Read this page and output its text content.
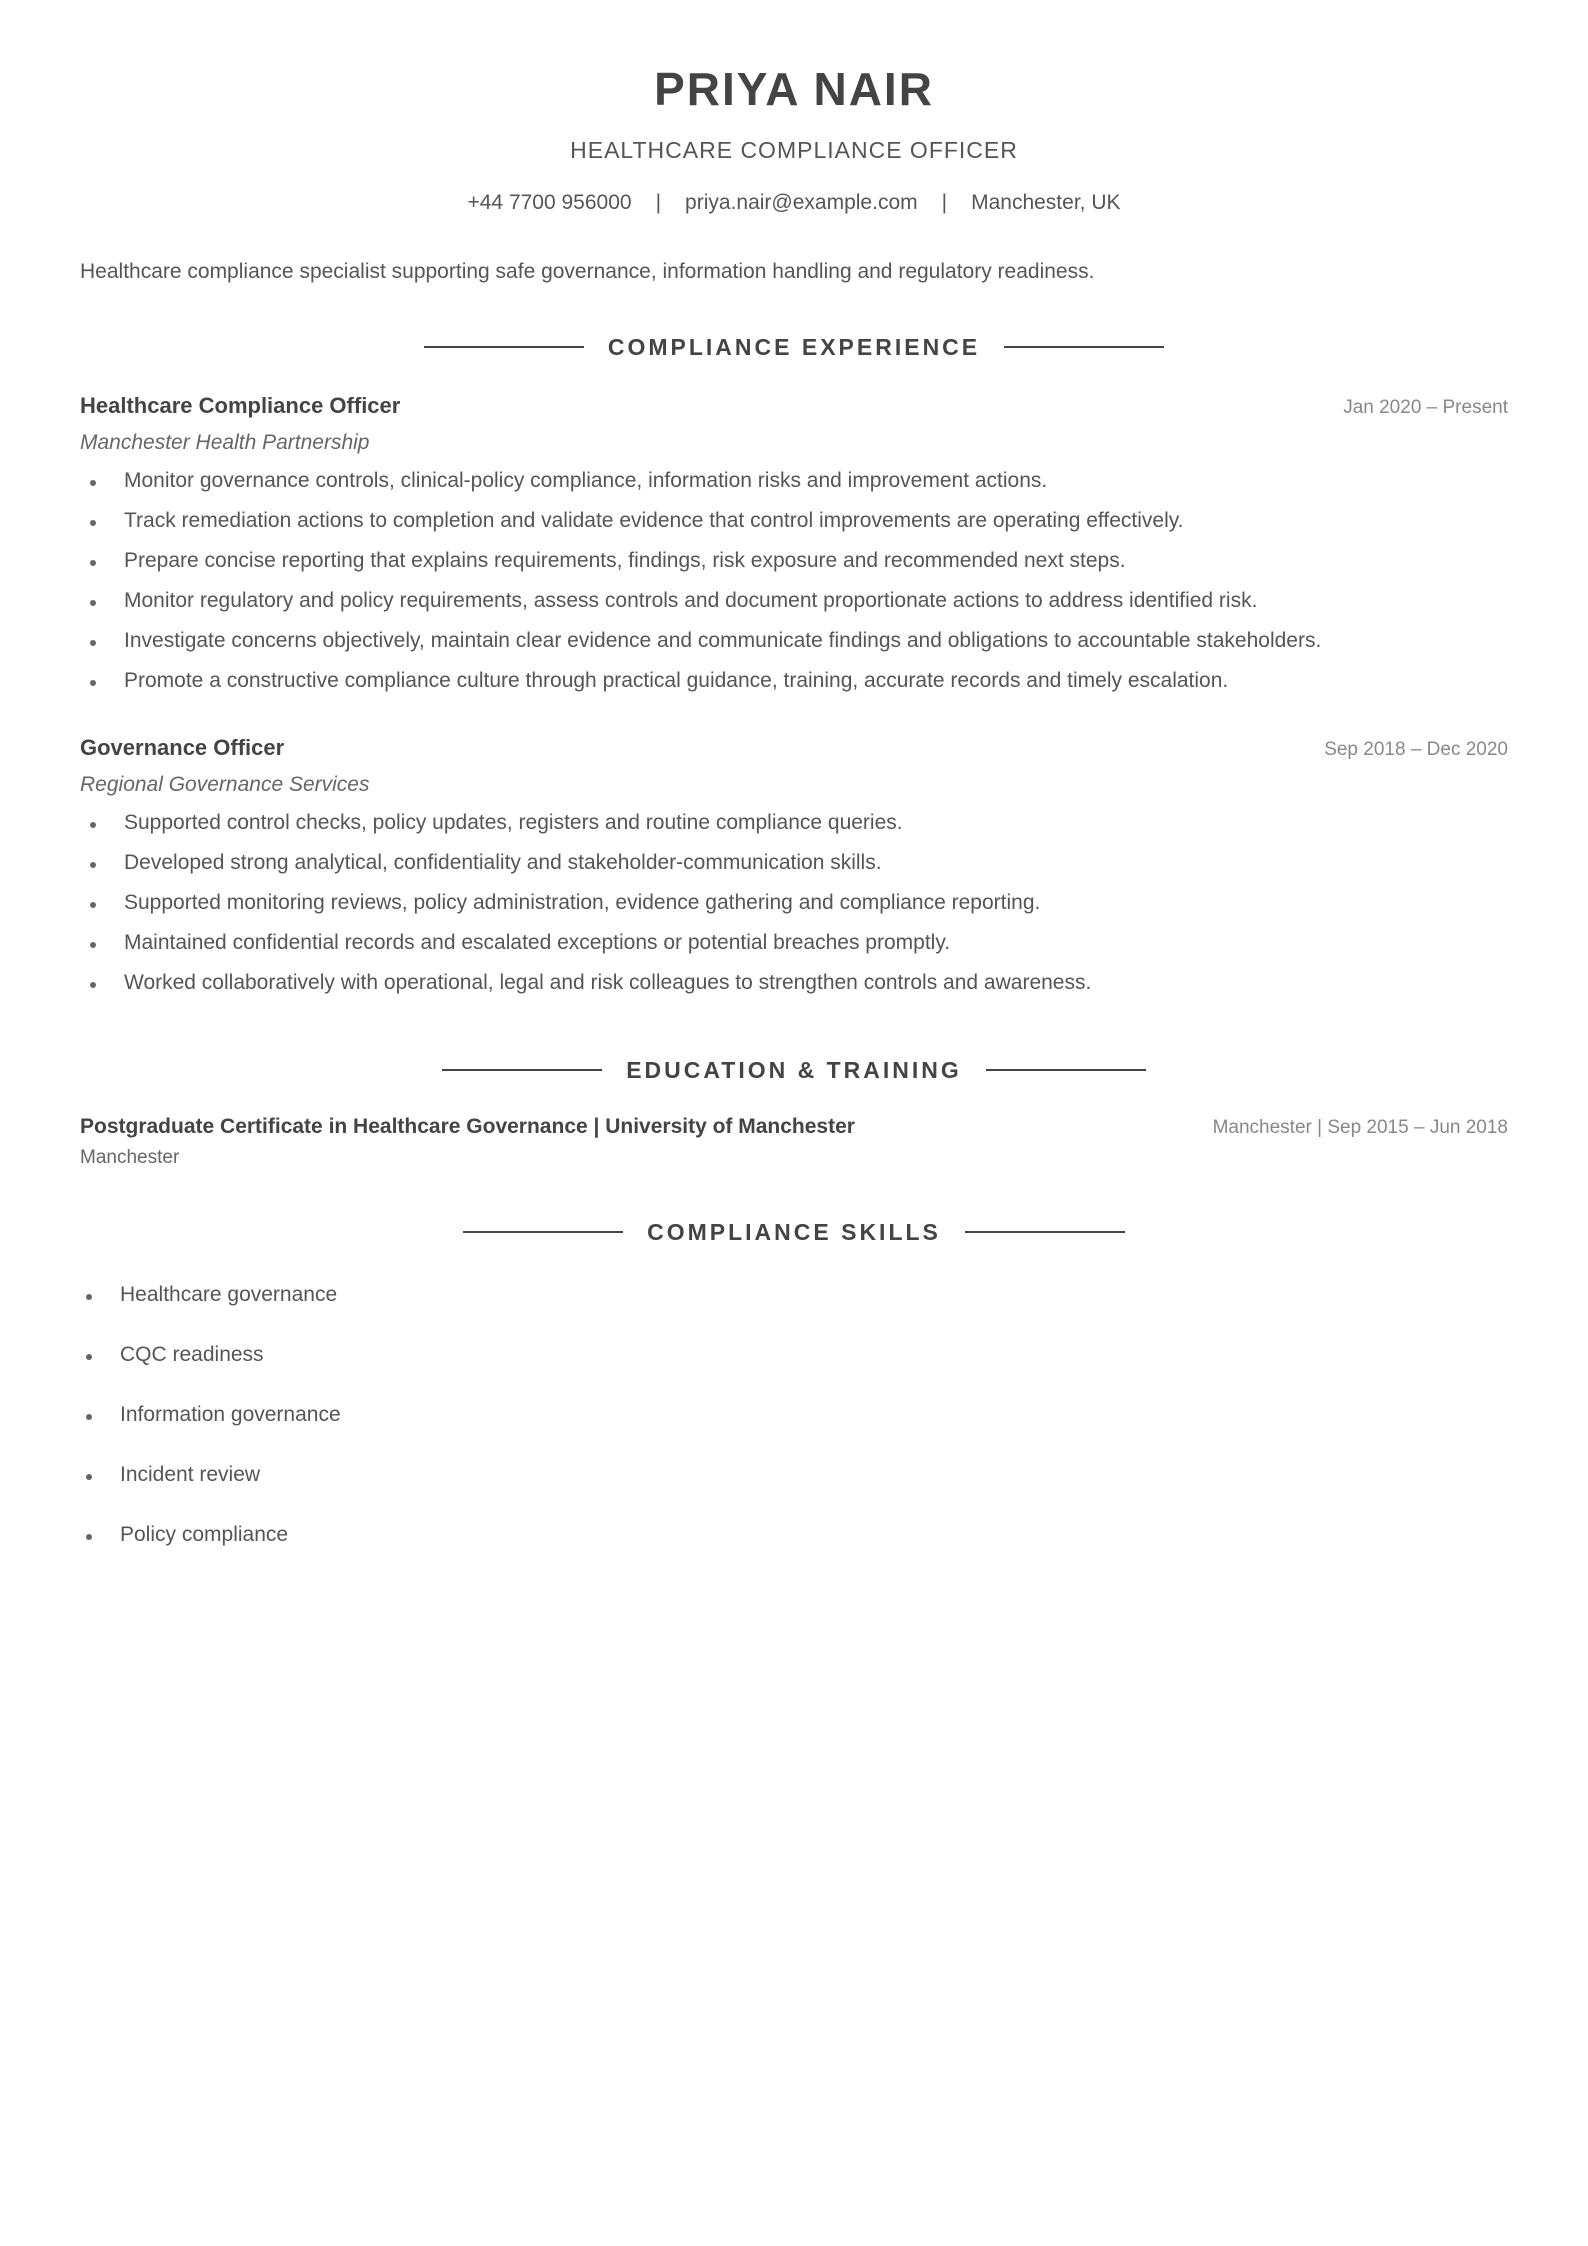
PRIYA NAIR
HEALTHCARE COMPLIANCE OFFICER
+44 7700 956000 | priya.nair@example.com | Manchester, UK
Healthcare compliance specialist supporting safe governance, information handling and regulatory readiness.
COMPLIANCE EXPERIENCE
Healthcare Compliance Officer	Jan 2020 – Present
Manchester Health Partnership
Monitor governance controls, clinical-policy compliance, information risks and improvement actions.
Track remediation actions to completion and validate evidence that control improvements are operating effectively.
Prepare concise reporting that explains requirements, findings, risk exposure and recommended next steps.
Monitor regulatory and policy requirements, assess controls and document proportionate actions to address identified risk.
Investigate concerns objectively, maintain clear evidence and communicate findings and obligations to accountable stakeholders.
Promote a constructive compliance culture through practical guidance, training, accurate records and timely escalation.
Governance Officer	Sep 2018 – Dec 2020
Regional Governance Services
Supported control checks, policy updates, registers and routine compliance queries.
Developed strong analytical, confidentiality and stakeholder-communication skills.
Supported monitoring reviews, policy administration, evidence gathering and compliance reporting.
Maintained confidential records and escalated exceptions or potential breaches promptly.
Worked collaboratively with operational, legal and risk colleagues to strengthen controls and awareness.
EDUCATION & TRAINING
Postgraduate Certificate in Healthcare Governance | University of Manchester	Manchester | Sep 2015 – Jun 2018
Manchester
COMPLIANCE SKILLS
Healthcare governance
CQC readiness
Information governance
Incident review
Policy compliance
